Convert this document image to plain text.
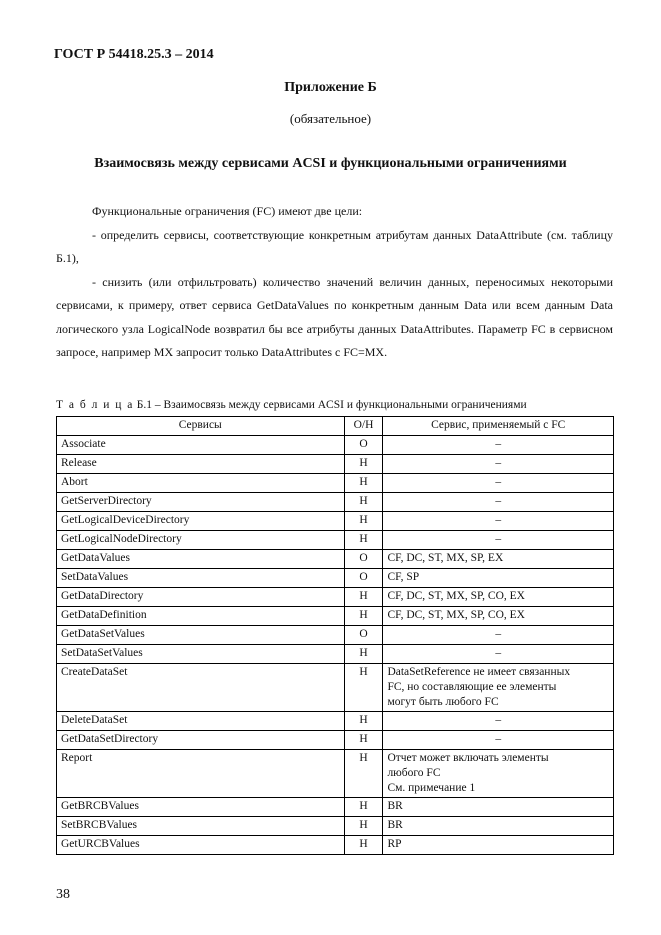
ГОСТ Р 54418.25.3 – 2014
Приложение Б
(обязательное)
Взаимосвязь между сервисами ACSI и функциональными ограничениями

Функциональные ограничения (FC) имеют две цели:

- определить сервисы, соответствующие конкретным атрибутам данных DataAttribute (см. таблицу Б.1),

- снизить (или отфильтровать) количество значений величин данных, переносимых некоторыми сервисами, к примеру, ответ сервиса GetDataValues по конкретным данным Data или всем данным Data логического узла LogicalNode возвратил бы все атрибуты данных DataAttributes. Параметр FC в сервисном запросе, например MX запросит только DataAttributes с FC=MX.

Т а б л и ц а Б.1 – Взаимосвязь между сервисами ACSI и функциональными ограничениями
Сервисы	О/Н	Сервис, применяемый с FC
Associate	О	–

Release	Н	–

Abort	Н	–

GetServerDirectory	Н	–

GetLogicalDeviceDirectory	Н	–

GetLogicalNodeDirectory	Н	–

GetDataValues	О	CF, DC, ST, MX, SP, EX

SetDataValues	О	CF, SP

GetDataDirectory	Н	CF, DC, ST, MX, SP, CO, EX

GetDataDefinition	Н	CF, DC, ST, MX, SP, CO, EX

GetDataSetValues	О	–

SetDataSetValues	Н	–

CreateDataSet	Н	DataSetReference не имеет связанных
FC, но составляющие ее элементы
могут быть любого FC

DeleteDataSet	Н	–

GetDataSetDirectory	Н	–

Report	Н	Отчет может включать элементы
любого FC
См. примечание 1

GetBRCBValues	Н	BR

SetBRCBValues	Н	BR

GetURCBValues	Н	RP
38
